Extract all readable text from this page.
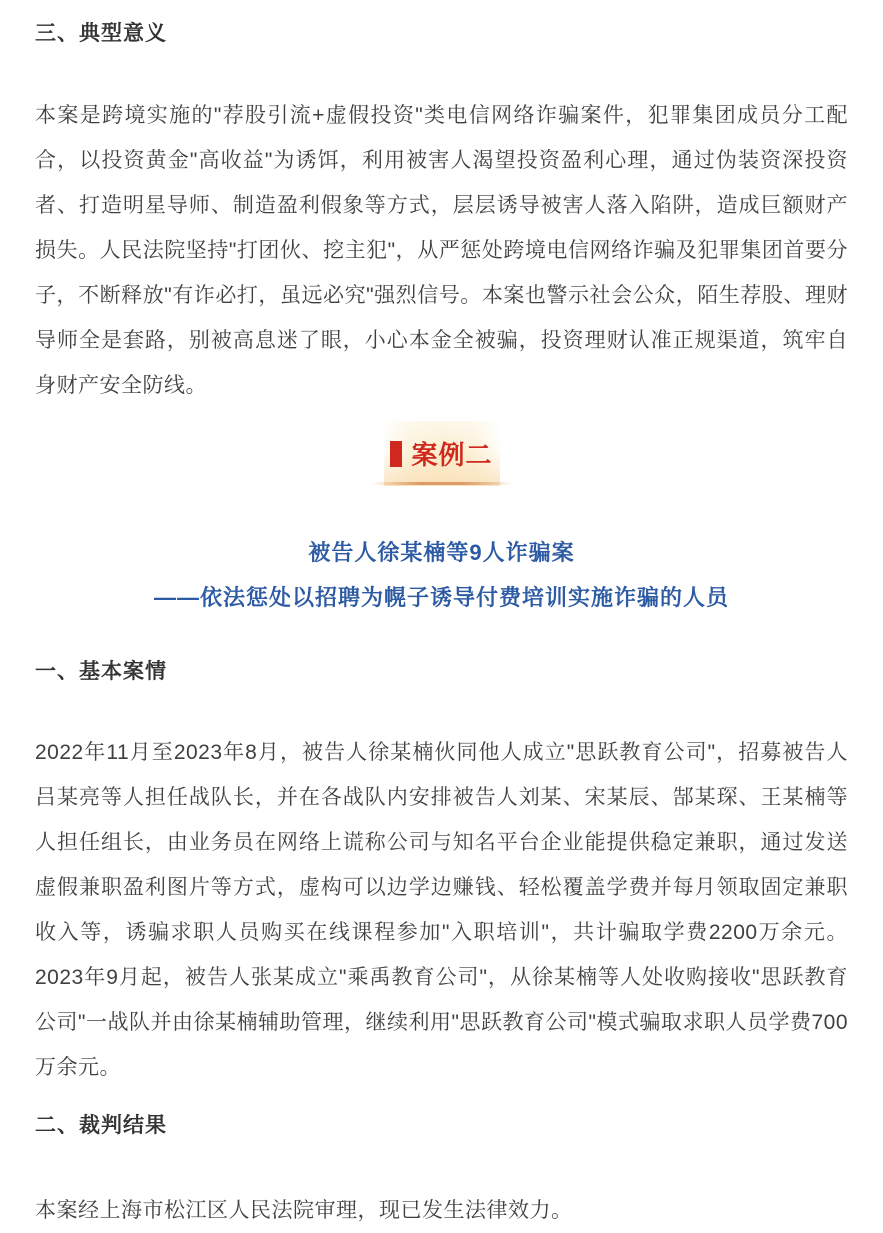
三、典型意义
本案是跨境实施的"荐股引流+虚假投资"类电信网络诈骗案件，犯罪集团成员分工配合，以投资黄金"高收益"为诱饵，利用被害人渴望投资盈利心理，通过伪装资深投资者、打造明星导师、制造盈利假象等方式，层层诱导被害人落入陷阱，造成巨额财产损失。人民法院坚持"打团伙、挖主犯"，从严惩处跨境电信网络诈骗及犯罪集团首要分子，不断释放"有诈必打，虽远必究"强烈信号。本案也警示社会公众，陌生荐股、理财导师全是套路，别被高息迷了眼，小心本金全被骗，投资理财认准正规渠道，筑牢自身财产安全防线。
案例二
被告人徐某楠等9人诈骗案
——依法惩处以招聘为幌子诱导付费培训实施诈骗的人员
一、基本案情
2022年11月至2023年8月，被告人徐某楠伙同他人成立"思跃教育公司"，招募被告人吕某亮等人担任战队长，并在各战队内安排被告人刘某、宋某辰、郜某琛、王某楠等人担任组长，由业务员在网络上谎称公司与知名平台企业能提供稳定兼职，通过发送虚假兼职盈利图片等方式，虚构可以边学边赚钱、轻松覆盖学费并每月领取固定兼职收入等，诱骗求职人员购买在线课程参加"入职培训"，共计骗取学费2200万余元。2023年9月起，被告人张某成立"乘禹教育公司"，从徐某楠等人处收购接收"思跃教育公司"一战队并由徐某楠辅助管理，继续利用"思跃教育公司"模式骗取求职人员学费700万余元。
二、裁判结果
本案经上海市松江区人民法院审理，现已发生法律效力。
